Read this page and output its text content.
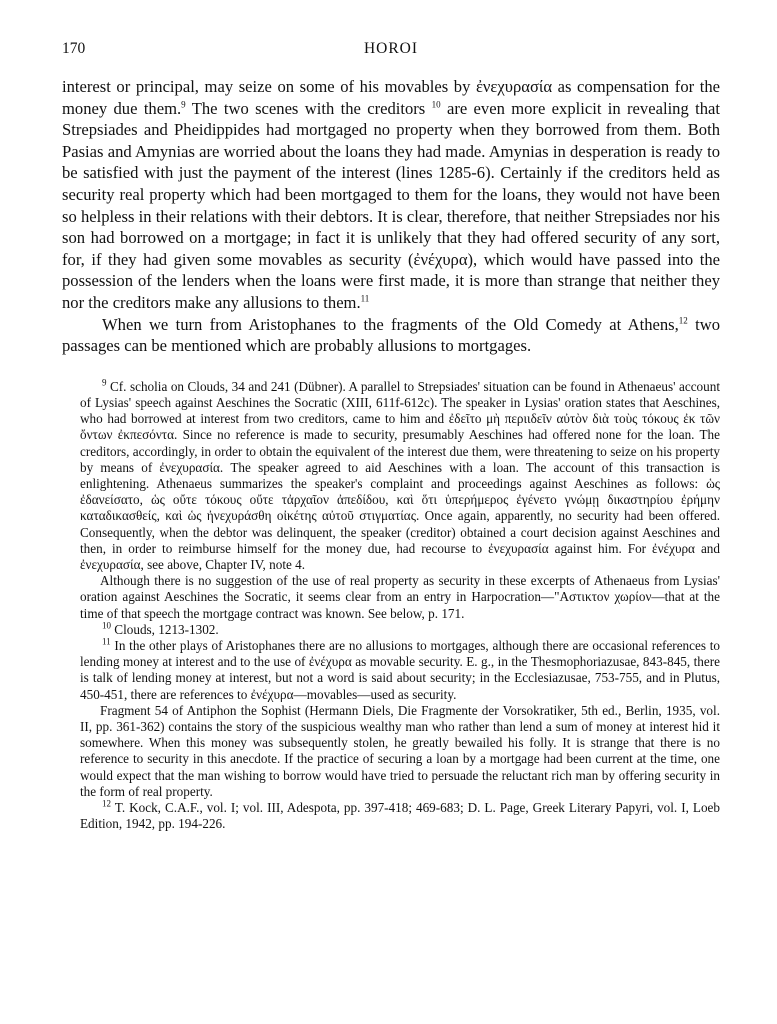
170	HOROI

interest or principal, may seize on some of his movables by ἐνεχυρασία as compensation for the money due them.$^9$ The two scenes with the creditors $^{10}$ are even more explicit in revealing that Strepsiades and Pheidippides had mortgaged no property when they borrowed from them. Both Pasias and Amynias are worried about the loans they had made. Amynias in desperation is ready to be satisfied with just the payment of the interest (lines 1285-6). Certainly if the creditors held as security real property which had been mortgaged to them for the loans, they would not have been so helpless in their relations with their debtors. It is clear, therefore, that neither Strepsiades nor his son had borrowed on a mortgage; in fact it is unlikely that they had offered security of any sort, for, if they had given some movables as security (ἐνέχυρα), which would have passed into the possession of the lenders when the loans were first made, it is more than strange that neither they nor the creditors make any allusions to them.$^{11}$

When we turn from Aristophanes to the fragments of the Old Comedy at Athens,$^{12}$ two passages can be mentioned which are probably allusions to mortgages.

$^9$ Cf. scholia on Clouds, 34 and 241 (Dübner). A parallel to Strepsiades' situation can be found in Athenaeus' account of Lysias' speech against Aeschines the Socratic (XIII, 611f-612c). The speaker in Lysias' oration states that Aeschines, who had borrowed at interest from two creditors, came to him and ἐδεῖτο μὴ περιιδεῖν αὐτὸν διὰ τοὺς τόκους ἐκ τῶν ὄντων ἐκπεσόντα. Since no reference is made to security, presumably Aeschines had offered none for the loan. The creditors, accordingly, in order to obtain the equivalent of the interest due them, were threatening to seize on his property by means of ἐνεχυρασία. The speaker agreed to aid Aeschines with a loan. The account of this transaction is enlightening. Athenaeus summarizes the speaker's complaint and proceedings against Aeschines as follows: ὡς ἐδανείσατο, ὡς οὔτε τόκους οὔτε τἀρχαῖον ἀπεδίδου, καὶ ὅτι ὑπερήμερος ἐγένετο γνώμῃ δικαστηρίου ἐρήμην καταδικασθείς, καὶ ὡς ἠνεχυράσθη οἰκέτης αὐτοῦ στιγματίας. Once again, apparently, no security had been offered. Consequently, when the debtor was delinquent, the speaker (creditor) obtained a court decision against Aeschines and then, in order to reimburse himself for the money due, had recourse to ἐνεχυρασία against him. For ἐνέχυρα and ἐνεχυρασία, see above, Chapter IV, note 4.

Although there is no suggestion of the use of real property as security in these excerpts of Athenaeus from Lysias' oration against Aeschines the Socratic, it seems clear from an entry in Harpocration—"Αστικτον χωρίον—that at the time of that speech the mortgage contract was known. See below, p. 171.

$^{10}$ Clouds, 1213-1302.

$^{11}$ In the other plays of Aristophanes there are no allusions to mortgages, although there are occasional references to lending money at interest and to the use of ἐνέχυρα as movable security. E. g., in the Thesmophoriazusae, 843-845, there is talk of lending money at interest, but not a word is said about security; in the Ecclesiazusae, 753-755, and in Plutus, 450-451, there are references to ἐνέχυρα—movables—used as security.

Fragment 54 of Antiphon the Sophist (Hermann Diels, Die Fragmente der Vorsokratiker, 5th ed., Berlin, 1935, vol. II, pp. 361-362) contains the story of the suspicious wealthy man who rather than lend a sum of money at interest hid it somewhere. When this money was subsequently stolen, he greatly bewailed his folly. It is strange that there is no reference to security in this anecdote. If the practice of securing a loan by a mortgage had been current at the time, one would expect that the man wishing to borrow would have tried to persuade the reluctant rich man by offering security in the form of real property.

$^{12}$ T. Kock, C.A.F., vol. I; vol. III, Adespota, pp. 397-418; 469-683; D. L. Page, Greek Literary Papyri, vol. I, Loeb Edition, 1942, pp. 194-226.
